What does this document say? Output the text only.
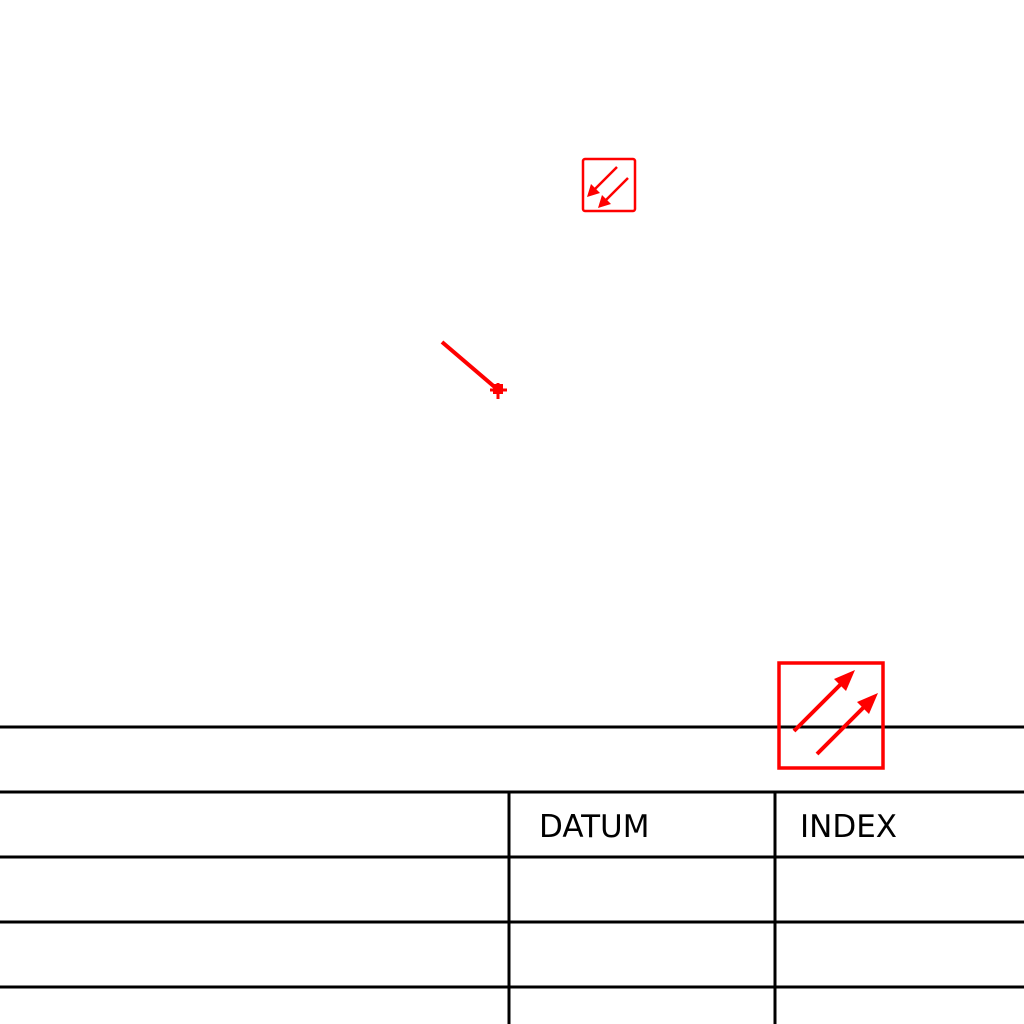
DATUM	INDEX
